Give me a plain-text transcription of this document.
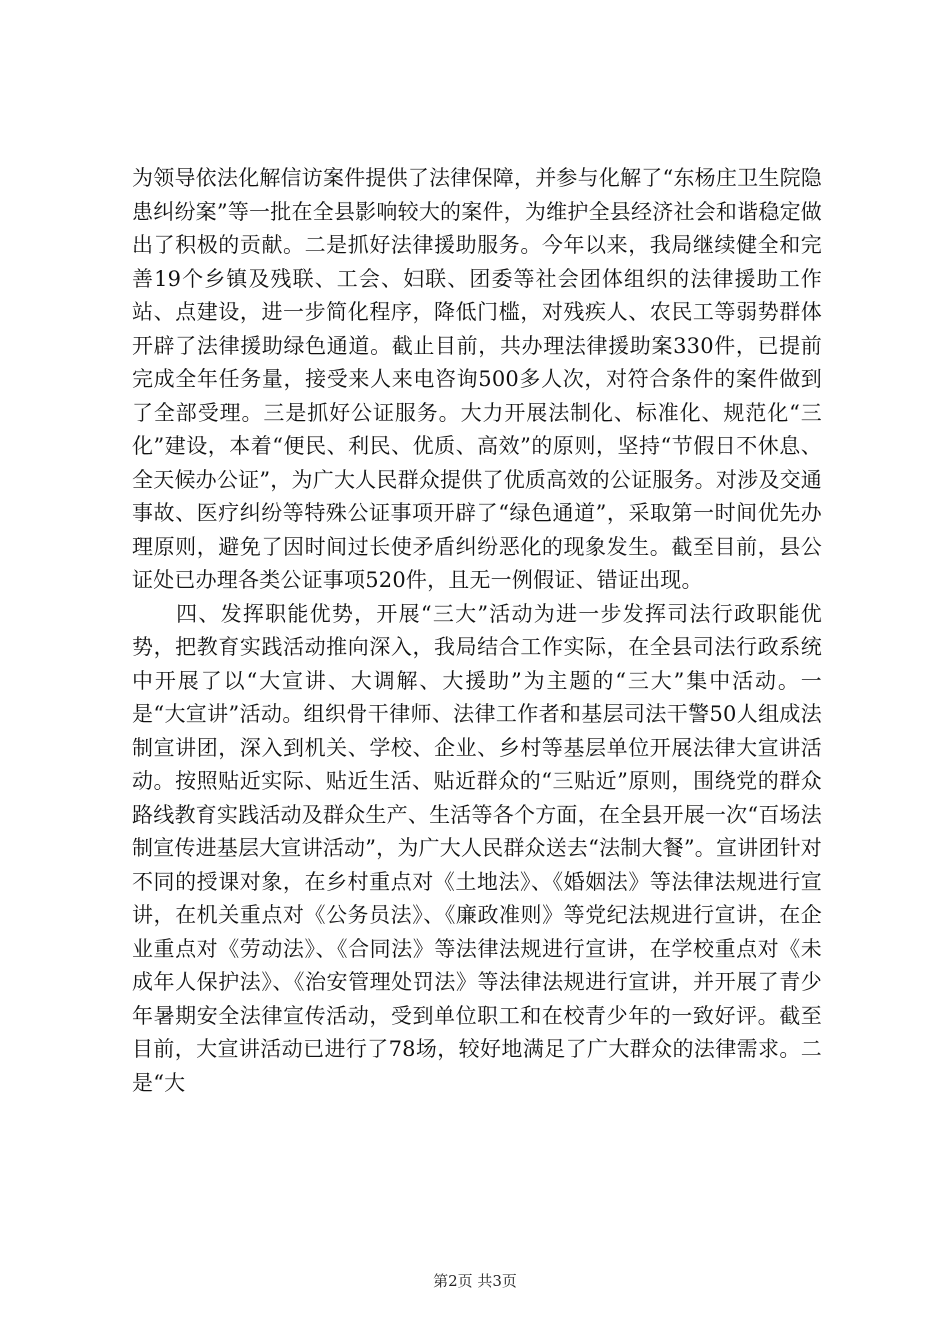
为领导依法化解信访案件提供了法律保障，并参与化解了“东杨庄卫生院隐患纠纷案”等一批在全县影响较大的案件，为维护全县经济社会和谐稳定做出了积极的贡献。二是抓好法律援助服务。今年以来，我局继续健全和完善19个乡镇及残联、工会、妇联、团委等社会团体组织的法律援助工作站、点建设，进一步简化程序，降低门槛，对残疾人、农民工等弱势群体开辟了法律援助绿色通道。截止目前，共办理法律援助案330件，已提前完成全年任务量，接受来人来电咨询500多人次，对符合条件的案件做到了全部受理。三是抓好公证服务。大力开展法制化、标准化、规范化“三化”建设，本着“便民、利民、优质、高效”的原则，坚持“节假日不休息、全天候办公证”，为广大人民群众提供了优质高效的公证服务。对涉及交通事故、医疗纠纷等特殊公证事项开辟了“绿色通道”，采取第一时间优先办理原则，避免了因时间过长使矛盾纠纷恶化的现象发生。截至目前，县公证处已办理各类公证事项520件，且无一例假证、错证出现。

四、发挥职能优势，开展“三大”活动为进一步发挥司法行政职能优势，把教育实践活动推向深入，我局结合工作实际，在全县司法行政系统中开展了以“大宣讲、大调解、大援助”为主题的“三大”集中活动。一是“大宣讲”活动。组织骨干律师、法律工作者和基层司法干警50人组成法制宣讲团，深入到机关、学校、企业、乡村等基层单位开展法律大宣讲活动。按照贴近实际、贴近生活、贴近群众的“三贴近”原则，围绕党的群众路线教育实践活动及群众生产、生活等各个方面，在全县开展一次“百场法制宣传进基层大宣讲活动”，为广大人民群众送去“法制大餐”。宣讲团针对不同的授课对象，在乡村重点对《土地法》、《婚姻法》等法律法规进行宣讲，在机关重点对《公务员法》、《廉政准则》等党纪法规进行宣讲，在企业重点对《劳动法》、《合同法》等法律法规进行宣讲，在学校重点对《未成年人保护法》、《治安管理处罚法》等法律法规进行宣讲，并开展了青少年暑期安全法律宣传活动，受到单位职工和在校青少年的一致好评。截至目前，大宣讲活动已进行了78场，较好地满足了广大群众的法律需求。二是“大

第2页 共3页
